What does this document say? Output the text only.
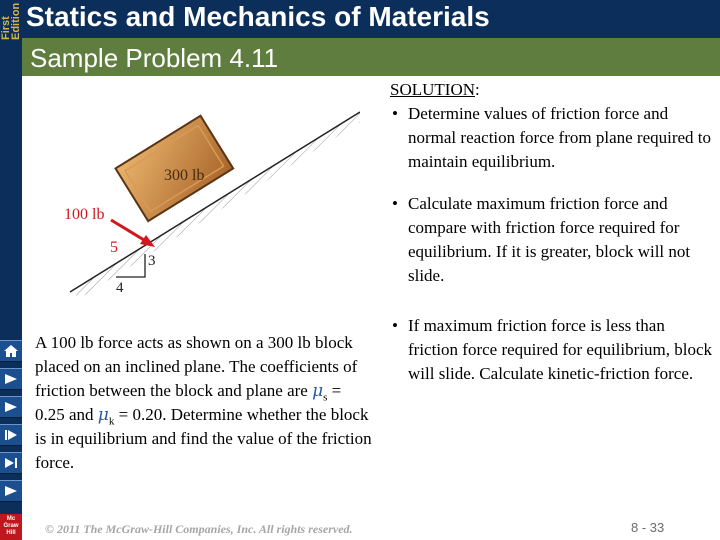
First Edition Statics and Mechanics of Materials
Sample Problem 4.11
Mc Graw Hill
300 lb
100 lb
5
3
4
A 100 lb force acts as shown on a 300 lb block placed on an inclined plane. The coefficients of friction between the block and plane are $\mu_s = 0.25$ and $\mu_k = 0.20$. Determine whether the block is in equilibrium and find the value of the friction force.
SOLUTION:
• Determine values of friction force and normal reaction force from plane required to maintain equilibrium.
• Calculate maximum friction force and compare with friction force required for equilibrium. If it is greater, block will not slide.
• If maximum friction force is less than friction force required for equilibrium, block will slide. Calculate kinetic-friction force.
© 2011 The McGraw-Hill Companies, Inc. All rights reserved.	8 - 33
